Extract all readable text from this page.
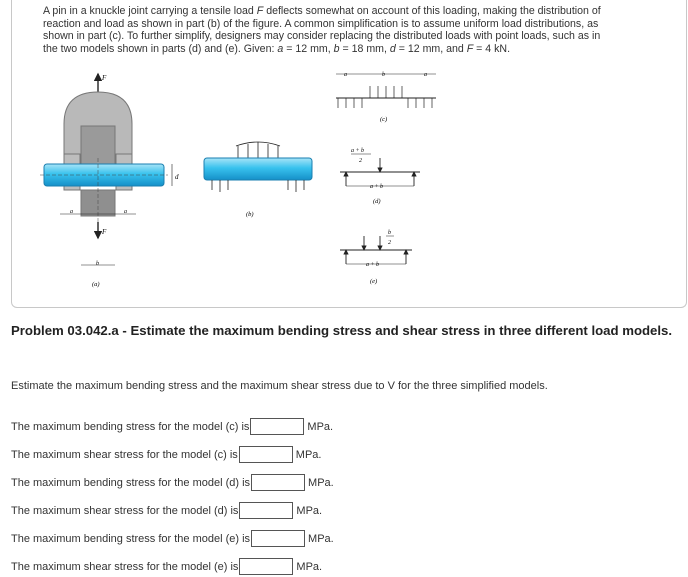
A pin in a knuckle joint carrying a tensile load F deflects somewhat on account of this loading, making the distribution of
reaction and load as shown in part (b) of the figure. A common simplification is to assume uniform load distributions, as
shown in part (c). To further simplify, designers may consider replacing the distributed loads with point loads, such as in
the two models shown in parts (d) and (e). Given: a = 12 mm, b = 18 mm, d = 12 mm, and F = 4 kN.

F
d
a	a
F
b
(a)
(b)
a	b	a
(c)
a + b
2
a + b
(d)
b
2
a + b
(e)

Problem 03.042.a - Estimate the maximum bending stress and shear stress in three different load models.

Estimate the maximum bending stress and the maximum shear stress due to V for the three simplified models.

The maximum bending stress for the model (c) is	MPa.
The maximum shear stress for the model (c) is	MPa.
The maximum bending stress for the model (d) is	MPa.
The maximum shear stress for the model (d) is	MPa.
The maximum bending stress for the model (e) is	MPa.
The maximum shear stress for the model (e) is	MPa.
